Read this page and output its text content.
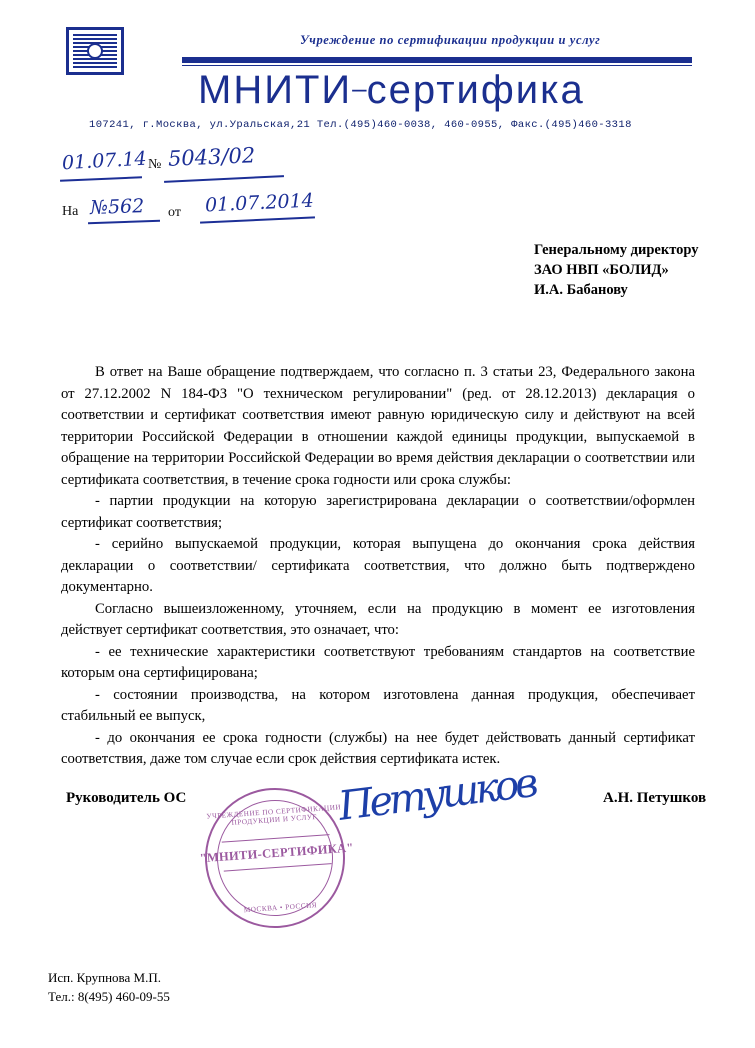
Учреждение по сертификации продукции и услуг
МНИТИ–сертифика
107241, г.Москва, ул.Уральская,21 Тел.(495)460-0038, 460-0955, Факс.(495)460-3318
01.07.14 № 5043/02
На №562 от 01.07.2014
Генеральному директору
ЗАО НВП «БОЛИД»
И.А. Бабанову

В ответ на Ваше обращение подтверждаем, что согласно п. 3 статьи 23, Федерального закона от 27.12.2002 N 184-ФЗ "О техническом регулировании" (ред. от 28.12.2013) декларация о соответствии и сертификат соответствия имеют равную юридическую силу и действуют на всей территории Российской Федерации в отношении каждой единицы продукции, выпускаемой в обращение на территории Российской Федерации во время действия декларации о соответствии или сертификата соответствия, в течение срока годности или срока службы:

- партии продукции на которую зарегистрирована декларации о соответствии/оформлен сертификат соответствия;

- серийно выпускаемой продукции, которая выпущена до окончания срока действия декларации о соответствии/ сертификата соответствия, что должно быть подтверждено документарно.

Согласно вышеизложенному, уточняем, если на продукцию в момент ее изготовления действует сертификат соответствия, это означает, что:

- ее технические характеристики соответствуют требованиям стандартов на соответствие которым она сертифицирована;

- состоянии производства, на котором изготовлена данная продукция, обеспечивает стабильный ее выпуск,

- до окончания ее срока годности (службы) на нее будет действовать данный сертификат соответствия, даже том случае если срок действия сертификата истек.

Руководитель ОС	А.Н. Петушков
Петушков
УЧРЕЖДЕНИЕ ПО СЕРТИФИКАЦИИ ПРОДУКЦИИ И УСЛУГ
"МНИТИ-СЕРТИФИКА"
МОСКВА • РОССИЯ
Исп. Крупнова М.П.
Тел.: 8(495) 460-09-55
